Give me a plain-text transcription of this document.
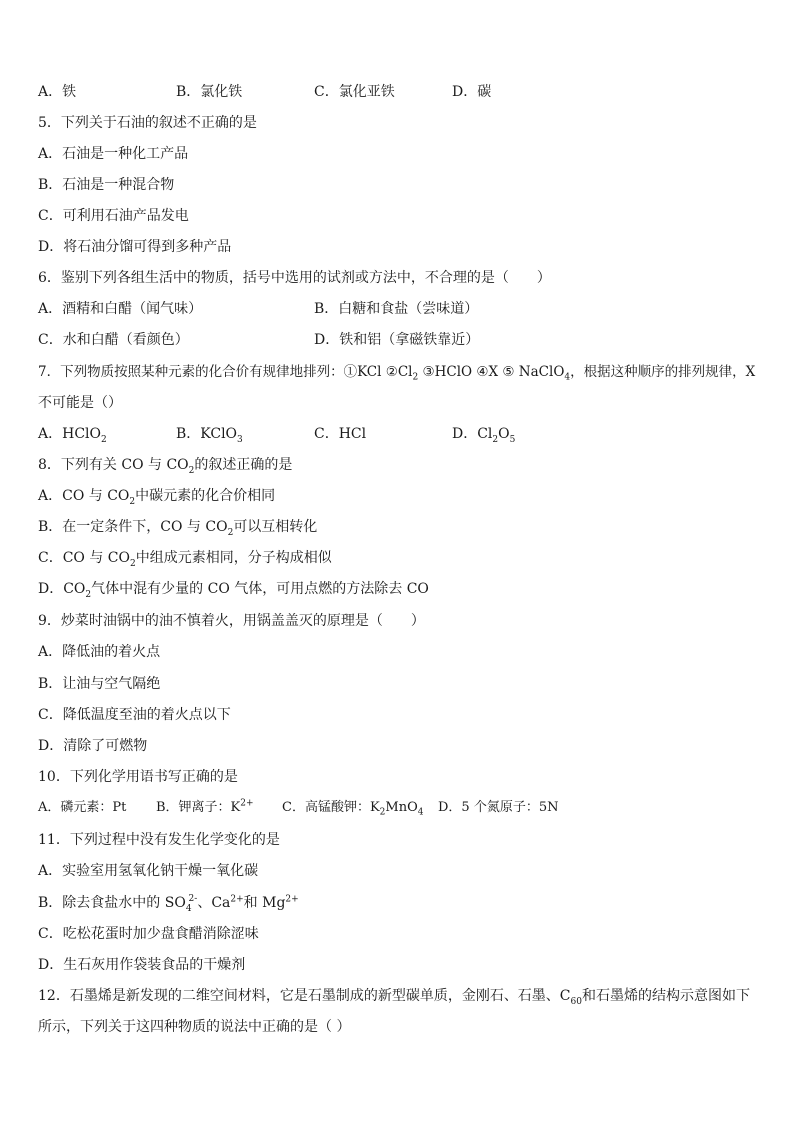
A．铁	B．氯化铁	C．氯化亚铁	D．碳
5．下列关于石油的叙述不正确的是
A．石油是一种化工产品
B．石油是一种混合物
C．可利用石油产品发电
D．将石油分馏可得到多种产品
6．鉴别下列各组生活中的物质，括号中选用的试剂或方法中，不合理的是（　　）
A．酒精和白醋（闻气味）	B．白糖和食盐（尝味道）
C．水和白醋（看颜色）	D．铁和铝（拿磁铁靠近）
7．下列物质按照某种元素的化合价有规律地排列：①KCl $②Cl_2$ ③HClO ④X ⑤ NaClO$_4$，根据这种顺序的排列规律，X
不可能是（）
A．HClO$_2$	B．KClO$_3$	C．HCl	D．$Cl_2O_5$
8．下列有关 CO 与 $CO_2$的叙述正确的是
A．CO 与 $CO_2$中碳元素的化合价相同
B．在一定条件下，CO 与 $CO_2$可以互相转化
C．CO 与 $CO_2$中组成元素相同，分子构成相似
D．$CO_2$气体中混有少量的 CO 气体，可用点燃的方法除去 CO
9．炒菜时油锅中的油不慎着火，用锅盖盖灭的原理是（　　）
A．降低油的着火点
B．让油与空气隔绝
C．降低温度至油的着火点以下
D．清除了可燃物
10．下列化学用语书写正确的是
A．磷元素：Pt B．钾离子：$K^{2+}$ C．高锰酸钾：$K_2MnO_4$ D．5 个氮原子：5N
11．下列过程中没有发生化学变化的是
A．实验室用氢氧化钠干燥一氧化碳
B．除去食盐水中的 $SO_4^{2-}$、$Ca^{2+}$和 $Mg^{2+}$
C．吃松花蛋时加少盘食醋消除涩味
D．生石灰用作袋装食品的干燥剂
12．石墨烯是新发现的二维空间材料，它是石墨制成的新型碳单质，金刚石、石墨、$C_{60}$和石墨烯的结构示意图如下所示，下列关于这四种物质的说法中正确的是（ ）
